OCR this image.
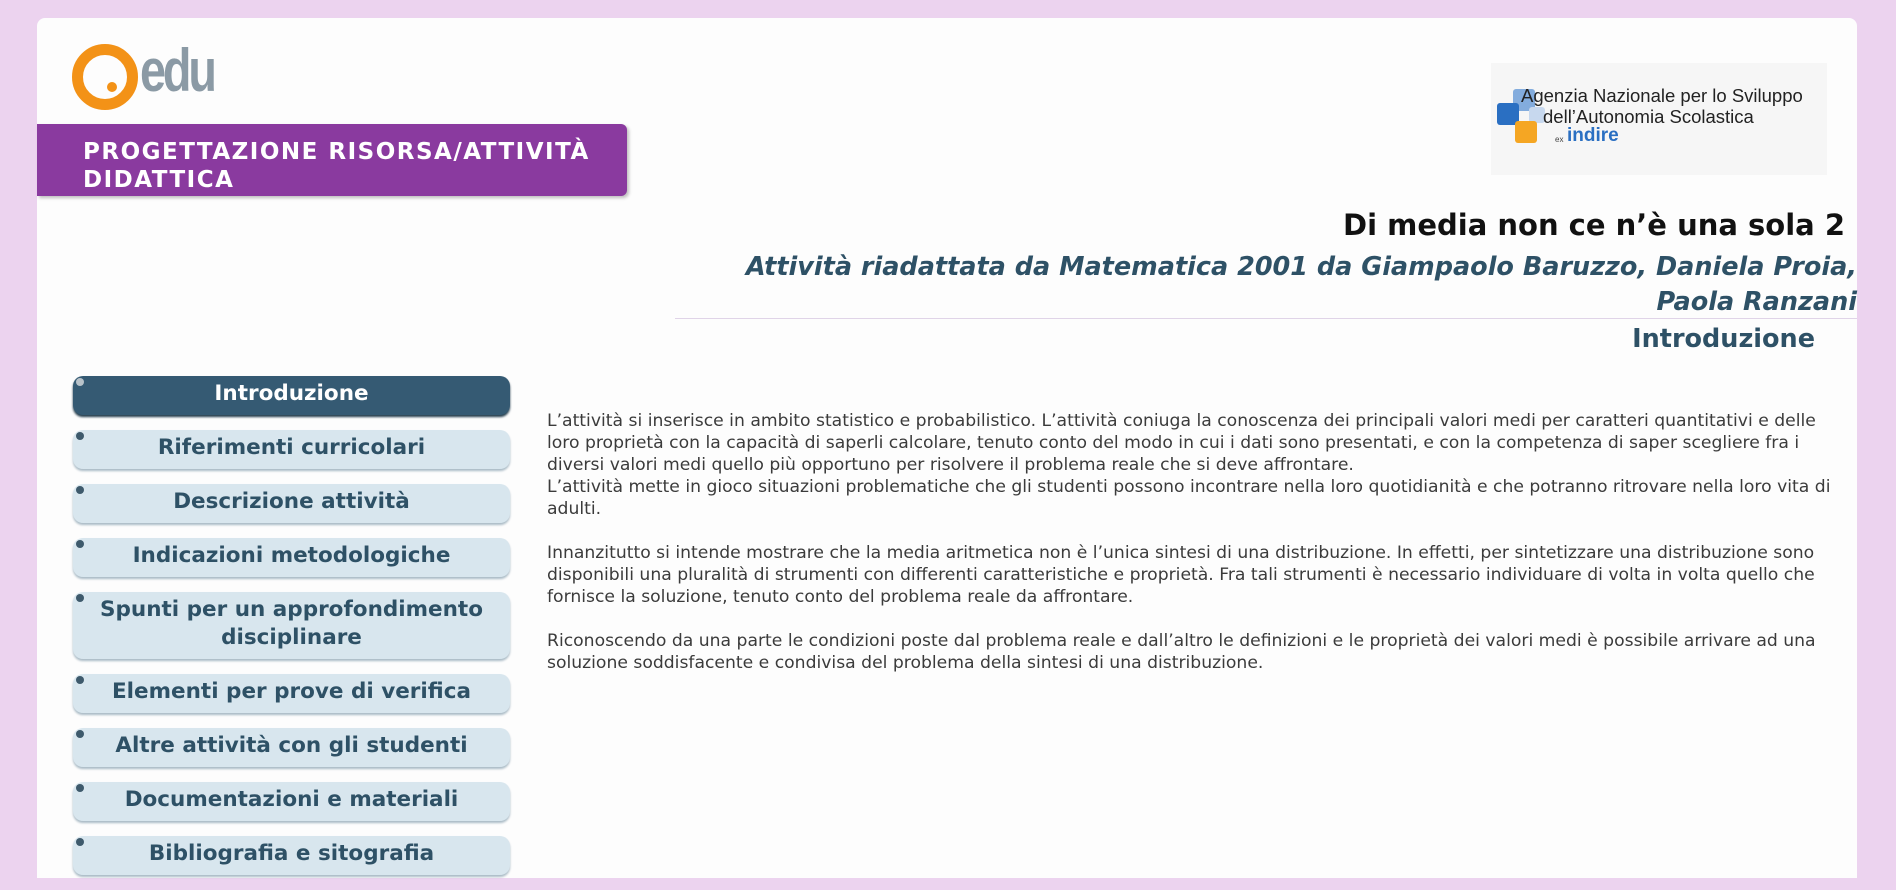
edu
PROGETTAZIONE RISORSA/ATTIVITÀ DIDATTICA
Agenzia Nazionale per lo Sviluppo
dell’Autonomia Scolastica
ex indire
Di media non ce n’è una sola 2
Attività riadattata da Matematica 2001 da Giampaolo Baruzzo, Daniela Proia, Paola Ranzani
Introduzione
Introduzione
Riferimenti curricolari
Descrizione attività
Indicazioni metodologiche
Spunti per un approfondimento disciplinare
Elementi per prove di verifica
Altre attività con gli studenti
Documentazioni e materiali
Bibliografia e sitografia

L’attività si inserisce in ambito statistico e probabilistico. L’attività coniuga la conoscenza dei principali valori medi per caratteri quantitativi e delle loro proprietà con la capacità di saperli calcolare, tenuto conto del modo in cui i dati sono presentati, e con la competenza di saper scegliere fra i diversi valori medi quello più opportuno per risolvere il problema reale che si deve affrontare.
L’attività mette in gioco situazioni problematiche che gli studenti possono incontrare nella loro quotidianità e che potranno ritrovare nella loro vita di adulti.

Innanzitutto si intende mostrare che la media aritmetica non è l’unica sintesi di una distribuzione. In effetti, per sintetizzare una distribuzione sono disponibili una pluralità di strumenti con differenti caratteristiche e proprietà. Fra tali strumenti è necessario individuare di volta in volta quello che fornisce la soluzione, tenuto conto del problema reale da affrontare.

Riconoscendo da una parte le condizioni poste dal problema reale e dall’altro le definizioni e le proprietà dei valori medi è possibile arrivare ad una soluzione soddisfacente e condivisa del problema della sintesi di una distribuzione.
